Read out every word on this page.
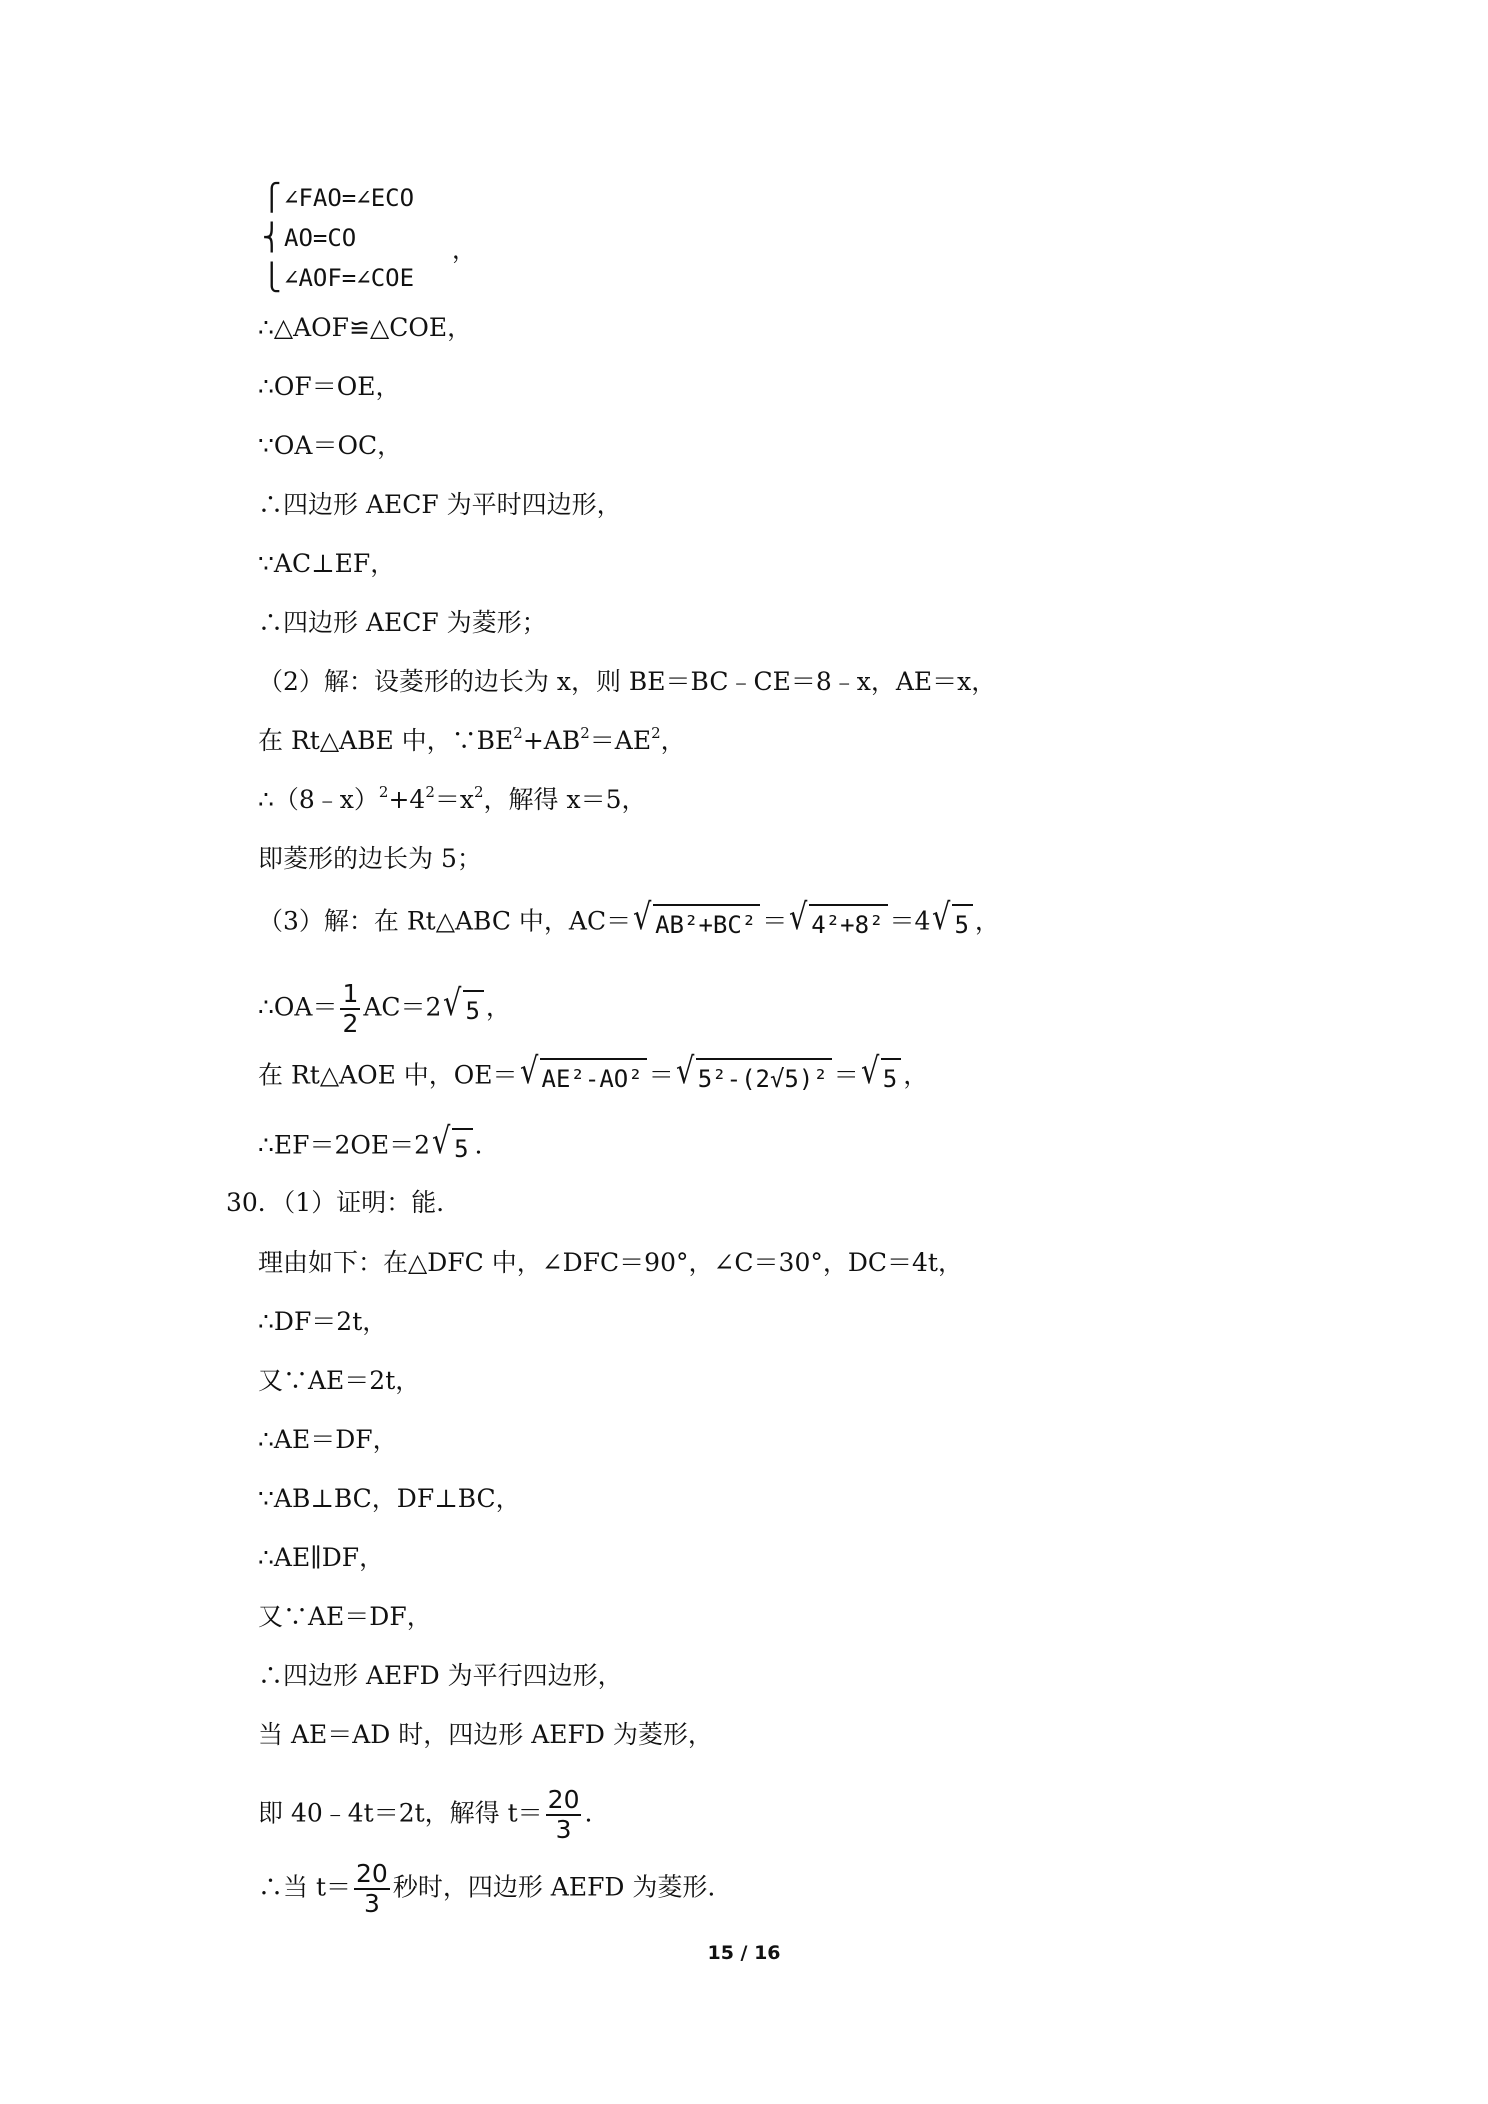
⎧
⎨
⎩
∠FAO=∠ECO
AO=CO
∠AOF=∠COE
，
∴△AOF≌△COE，
∴OF＝OE，
∵OA＝OC，
∴四边形 AECF 为平时四边形，
∵AC⊥EF，
∴四边形 AECF 为菱形；
（2）解：设菱形的边长为 x，则 BE＝BC﹣CE＝8﹣x，AE＝x，
在 Rt△ABE 中，$\because BE^2+AB^2=AE^2$，
$\therefore(8﹣x)^2+4^2=x^2$，解得 x＝5，
即菱形的边长为 5；
（3）解：在 Rt△ABC 中，AC＝ √ AB²+BC² ＝ √ 4²+8² ＝4 √ 5 ，
∴OA＝ $\frac{1}{2} AC=2$ √ 5 ，
在 Rt△AOE 中，OE＝ √ AE²-AO² ＝ √ 5²-(2√5)² ＝ √ 5 ，
∴EF＝2OE＝2 √ 5 .
30．（1）证明：能．
理由如下：在△DFC 中，∠DFC＝90°，∠C＝30°，DC＝4t，
∴DF＝2t，
又∵AE＝2t，
∴AE＝DF，
∵AB⊥BC，DF⊥BC，
∴AE∥DF，
又∵AE＝DF，
∴四边形 AEFD 为平行四边形，
当 AE＝AD 时，四边形 AEFD 为菱形，
即 40﹣4t＝2t，解得 $t= \frac{20}{3}$ .
∴当 $t= \frac{20}{3}$ 秒时，四边形 AEFD 为菱形.
15 / 16
